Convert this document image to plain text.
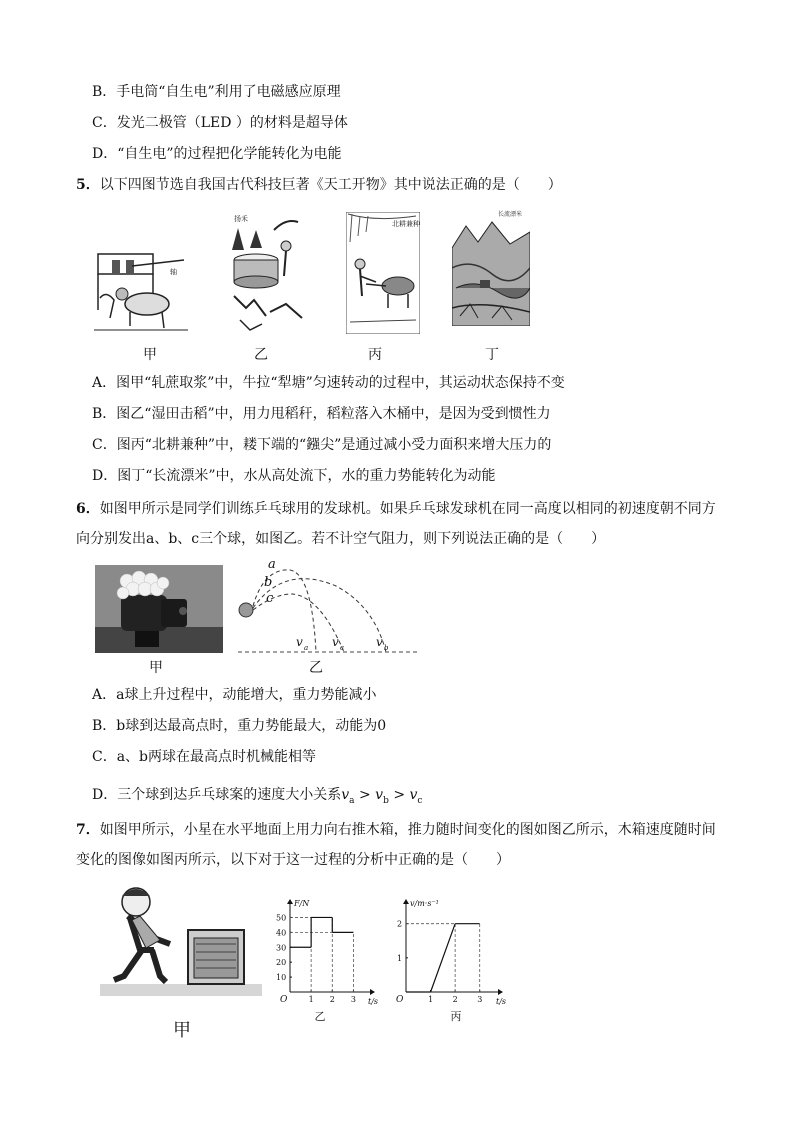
B．手电筒“自生电”利用了电磁感应原理
C．发光二极管（LED ）的材料是超导体
D．“自生电”的过程把化学能转化为电能
5．以下四图节选自我国古代科技巨著《天工开物》其中说法正确的是（　　）
轴
扬禾
北耕兼种
长流漂米
甲	乙	丙	丁
A．图甲“轧蔗取浆”中，牛拉“犁塘”匀速转动的过程中，其运动状态保持不变
B．图乙“湿田击稻”中，用力甩稻秆，稻粒落入木桶中，是因为受到惯性力
C．图丙“北耕兼种”中，耧下端的“鏹尖”是通过减小受力面积来增大压力的
D．图丁“长流漂米”中，水从高处流下，水的重力势能转化为动能
6．如图甲所示是同学们训练乒乓球用的发球机。如果乒乓球发球机在同一高度以相同的初速度朝不同方
向分别发出a、b、c三个球，如图乙。若不计空气阻力，则下列说法正确的是（　　）
a
b
c
v a v c	v b
甲	乙
A．a球上升过程中，动能增大，重力势能减小
B．b球到达最高点时，重力势能最大，动能为0
C．a、b两球在最高点时机械能相等
D．三个球到达乒乓球案的速度大小关系$v_a > v_b > v_c$
7．如图甲所示，小星在水平地面上用力向右推木箱，推力随时间变化的图如图乙所示，木箱速度随时间
变化的图像如图丙所示，以下对于这一过程的分析中正确的是（　　）
甲
O	t/s
F/N
1 2 3
10
20
30
40
50
乙
O	t/s
v/m·s⁻¹
1 2 3
1
2
丙
